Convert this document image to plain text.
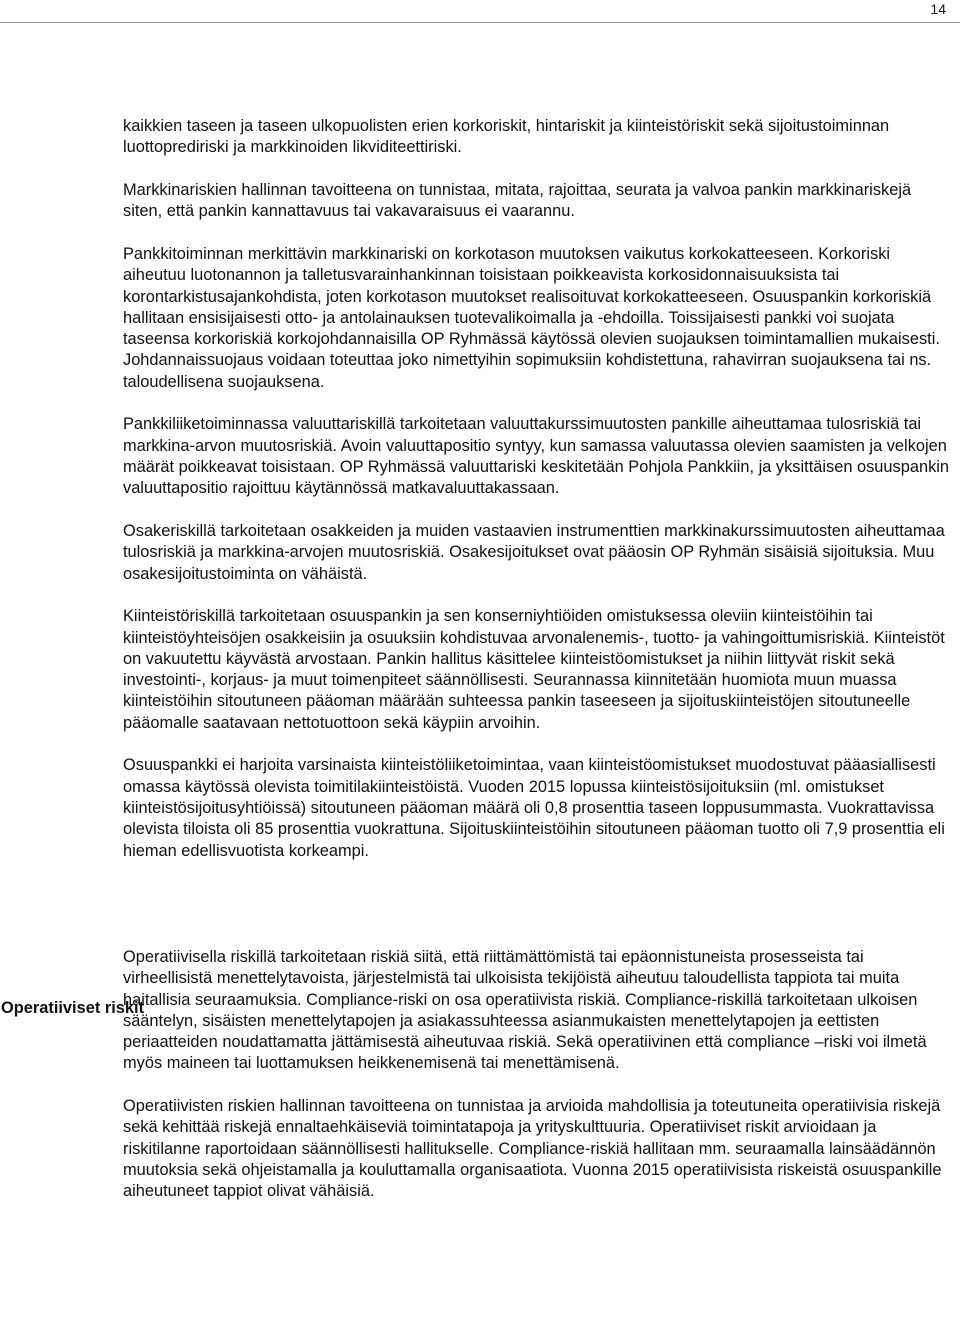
14
Operatiiviset riskit

kaikkien taseen ja taseen ulkopuolisten erien korkoriskit, hintariskit ja kiinteistöriskit sekä sijoitustoiminnan luottoprediriski ja markkinoiden likviditeettiriski.

Markkinariskien hallinnan tavoitteena on tunnistaa, mitata, rajoittaa, seurata ja valvoa pankin markkinariskejä siten, että pankin kannattavuus tai vakavaraisuus ei vaarannu.

Pankkitoiminnan merkittävin markkinariski on korkotason muutoksen vaikutus korkokatteeseen. Korkoriski aiheutuu luotonannon ja talletusvarainhankinnan toisistaan poikkeavista korkosidonnaisuuksista tai korontarkistusajankohdista, joten korkotason muutokset realisoituvat korkokatteeseen. Osuuspankin korkoriskiä hallitaan ensisijaisesti otto- ja antolainauksen tuotevalikoimalla ja -ehdoilla. Toissijaisesti pankki voi suojata taseensa korkoriskiä korkojohdannaisilla OP Ryhmässä käytössä olevien suojauksen toimintamallien mukaisesti. Johdannaissuojaus voidaan toteuttaa joko nimettyihin sopimuksiin kohdistettuna, rahavirran suojauksena tai ns. taloudellisena suojauksena.

Pankkiliiketoiminnassa valuuttariskillä tarkoitetaan valuuttakurssimuutosten pankille aiheuttamaa tulosriskiä tai markkina-arvon muutosriskiä. Avoin valuuttapositio syntyy, kun samassa valuutassa olevien saamisten ja velkojen määrät poikkeavat toisistaan. OP Ryhmässä valuuttariski keskitetään Pohjola Pankkiin, ja yksittäisen osuuspankin valuuttapositio rajoittuu käytännössä matkavaluuttakassaan.

Osakeriskillä tarkoitetaan osakkeiden ja muiden vastaavien instrumenttien markkinakurssimuutosten aiheuttamaa tulosriskiä ja markkina-arvojen muutosriskiä. Osakesijoitukset ovat pääosin OP Ryhmän sisäisiä sijoituksia. Muu osakesijoitustoiminta on vähäistä.

Kiinteistöriskillä tarkoitetaan osuuspankin ja sen konserniyhtiöiden omistuksessa oleviin kiinteistöihin tai kiinteistöyhteisöjen osakkeisiin ja osuuksiin kohdistuvaa arvonalenemis-, tuotto- ja vahingoittumisriskiä. Kiinteistöt on vakuutettu käyvästä arvostaan. Pankin hallitus käsittelee kiinteistöomistukset ja niihin liittyvät riskit sekä investointi-, korjaus- ja muut toimenpiteet säännöllisesti. Seurannassa kiinnitetään huomiota muun muassa kiinteistöihin sitoutuneen pääoman määrään suhteessa pankin taseeseen ja sijoituskiinteistöjen sitoutuneelle pääomalle saatavaan nettotuottoon sekä käypiin arvoihin.

Osuuspankki ei harjoita varsinaista kiinteistöliiketoimintaa, vaan kiinteistöomistukset muodostuvat pääasiallisesti omassa käytössä olevista toimitilakiinteistöistä. Vuoden 2015 lopussa kiinteistösijoituksiin (ml. omistukset kiinteistösijoitusyhtiöissä) sitoutuneen pääoman määrä oli 0,8 prosenttia taseen loppusummasta. Vuokrattavissa olevista tiloista oli 85 prosenttia vuokrattuna. Sijoituskiinteistöihin sitoutuneen pääoman tuotto oli 7,9 prosenttia eli hieman edellisvuotista korkeampi.

Operatiivisella riskillä tarkoitetaan riskiä siitä, että riittämättömistä tai epäonnistuneista prosesseista tai virheellisistä menettelytavoista, järjestelmistä tai ulkoisista tekijöistä aiheutuu taloudellista tappiota tai muita haitallisia seuraamuksia. Compliance-riski on osa operatiivista riskiä. Compliance-riskillä tarkoitetaan ulkoisen sääntelyn, sisäisten menettelytapojen ja asiakassuhteessa asianmukaisten menettelytapojen ja eettisten periaatteiden noudattamatta jättämisestä aiheutuvaa riskiä. Sekä operatiivinen että compliance –riski voi ilmetä myös maineen tai luottamuksen heikkenemisenä tai menettämisenä.

Operatiivisten riskien hallinnan tavoitteena on tunnistaa ja arvioida mahdollisia ja toteutuneita operatiivisia riskejä sekä kehittää riskejä ennaltaehkäiseviä toimintatapoja ja yrityskulttuuria. Operatiiviset riskit arvioidaan ja riskitilanne raportoidaan säännöllisesti hallitukselle. Compliance-riskiä hallitaan mm. seuraamalla lainsäädännön muutoksia sekä ohjeistamalla ja kouluttamalla organisaatiota. Vuonna 2015 operatiivisista riskeistä osuuspankille aiheutuneet tappiot olivat vähäisiä.
